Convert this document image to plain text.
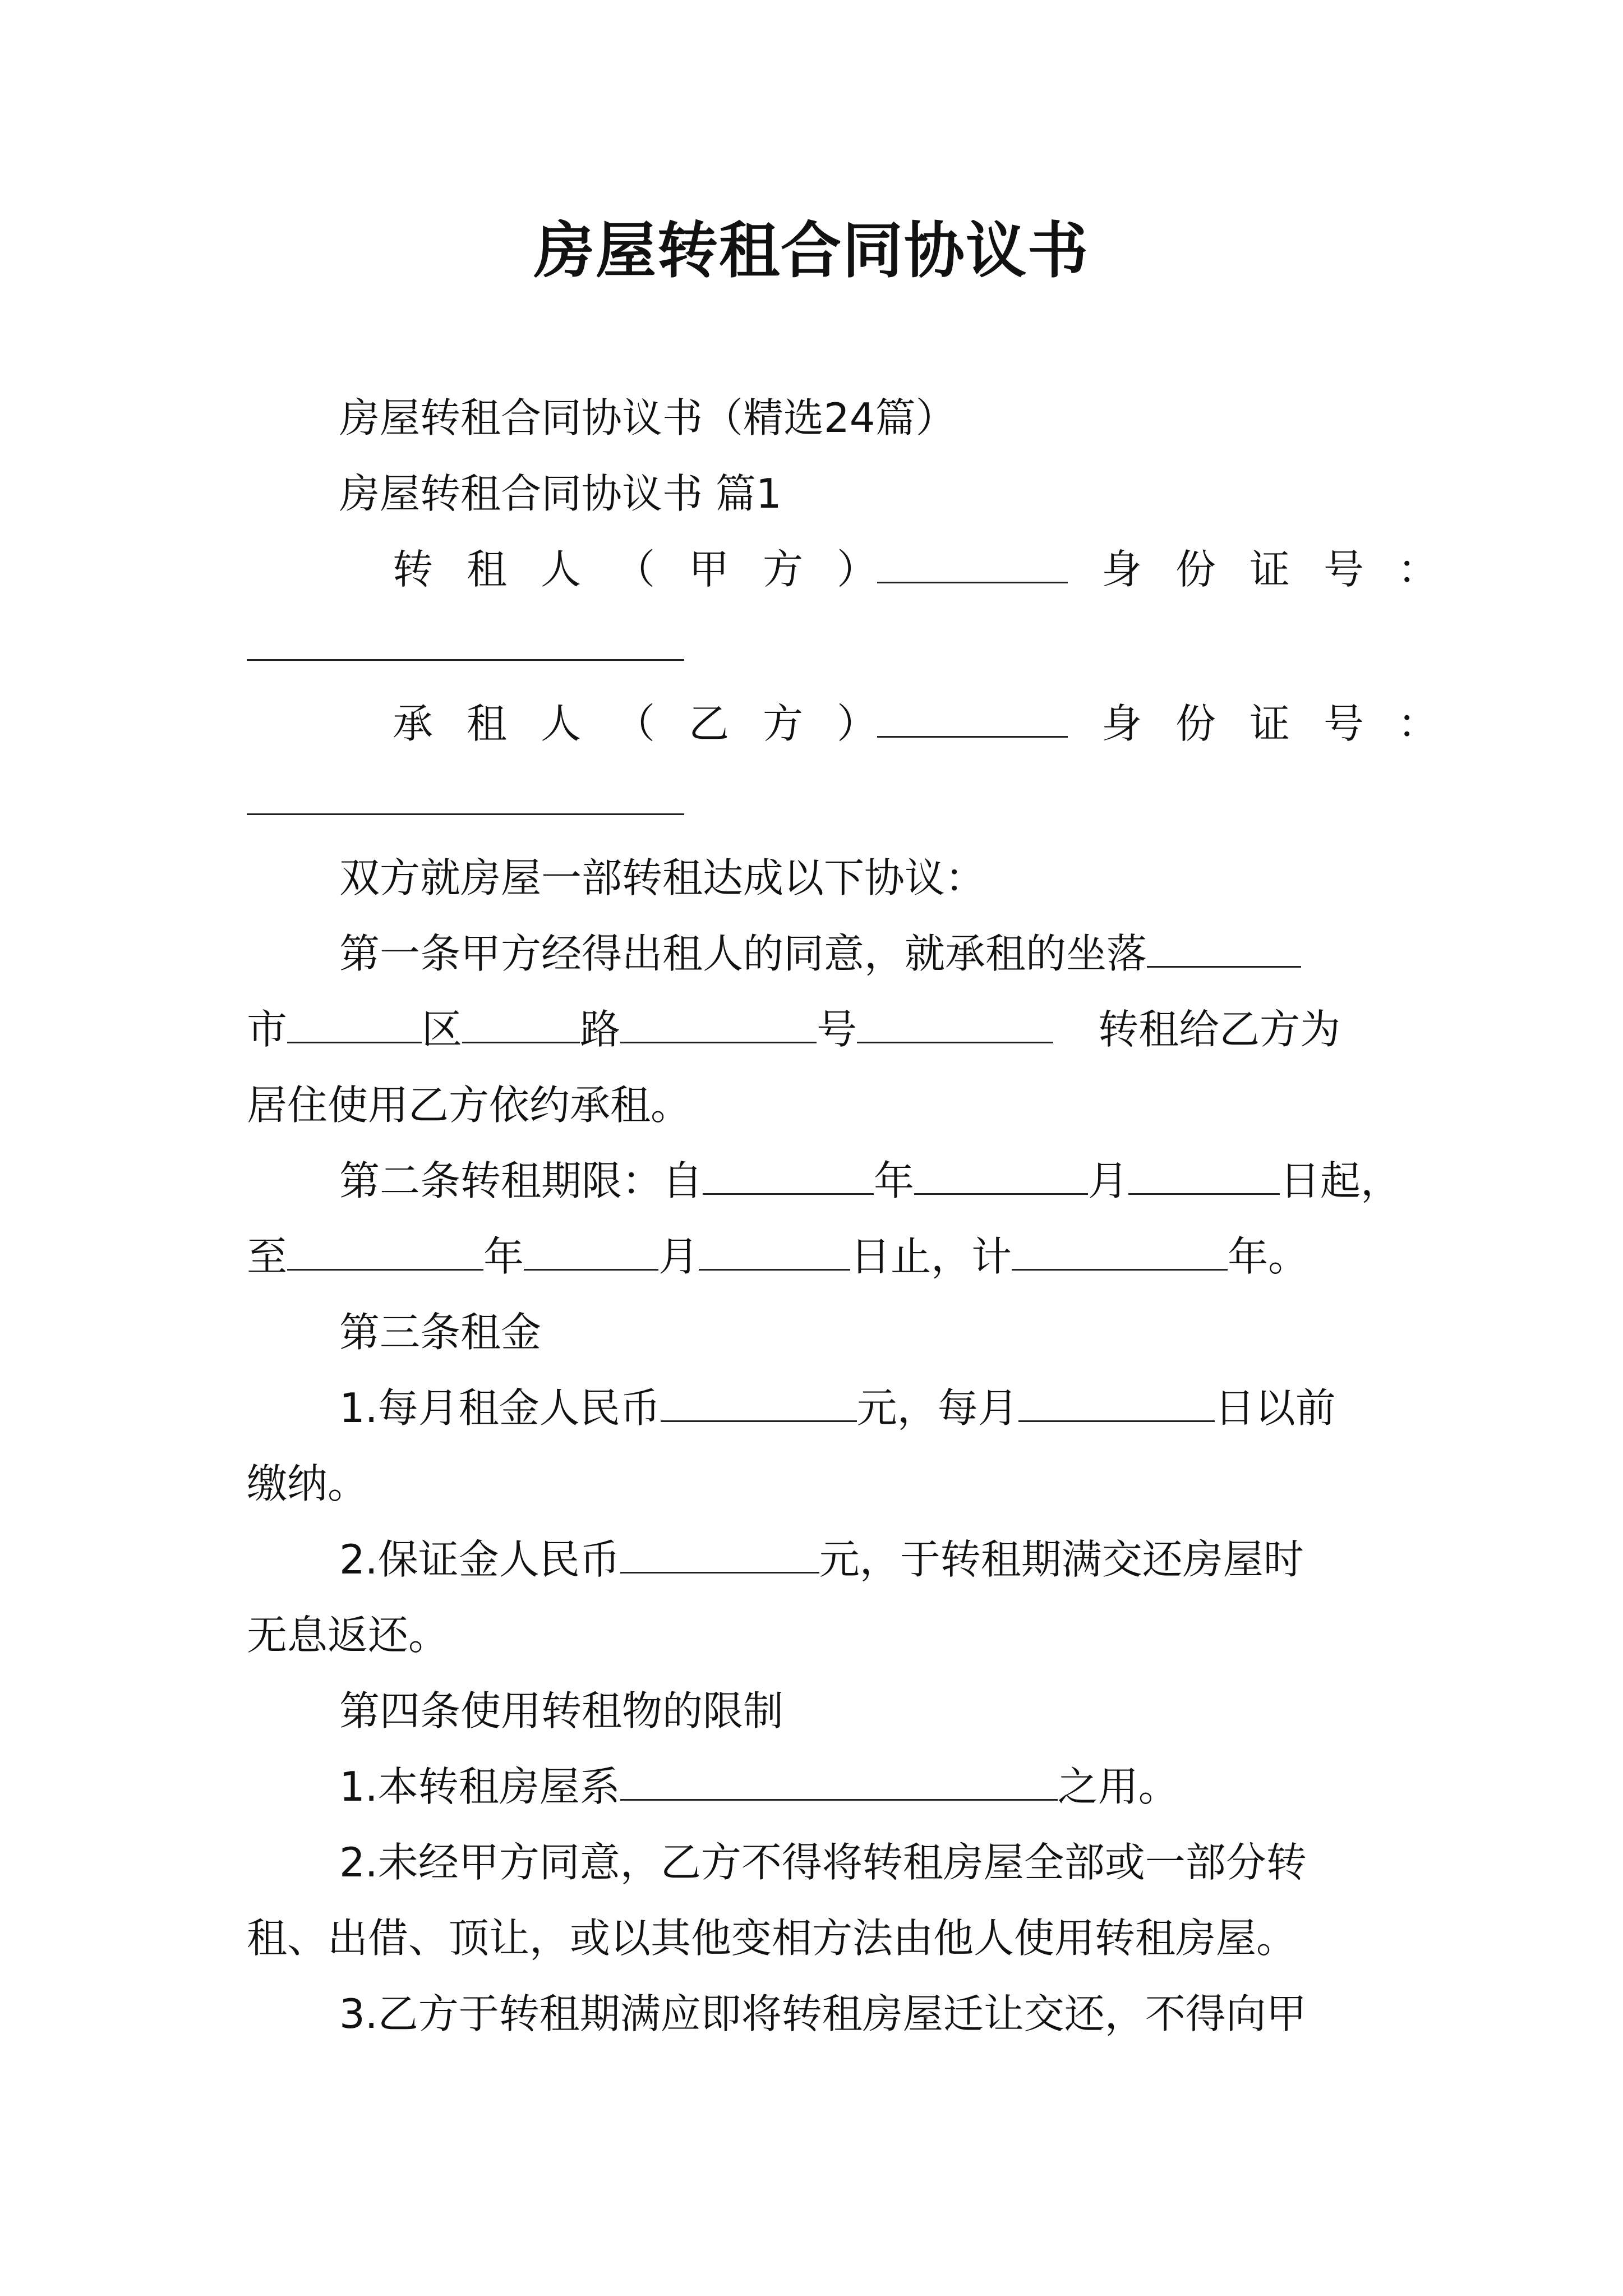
房屋转租合同协议书
房屋转租合同协议书（精选24篇）
房屋转租合同协议书 篇1
转租人（甲方）	身份证号：
承租人（乙方）	身份证号：
双方就房屋一部转租达成以下协议：
第一条甲方经得出租人的同意，就承租的坐落
市	区	路	号	转租给乙方为
居住使用乙方依约承租。
第二条转租期限：自	年	月	日起，
至	年	月	日止，计	年。
第三条租金
1.每月租金人民币	元，每月	日以前
缴纳。
2.保证金人民币	元，于转租期满交还房屋时
无息返还。
第四条使用转租物的限制
1.本转租房屋系	之用。
2.未经甲方同意，乙方不得将转租房屋全部或一部分转
租、出借、顶让，或以其他变相方法由他人使用转租房屋。
3.乙方于转租期满应即将转租房屋迁让交还，不得向甲
